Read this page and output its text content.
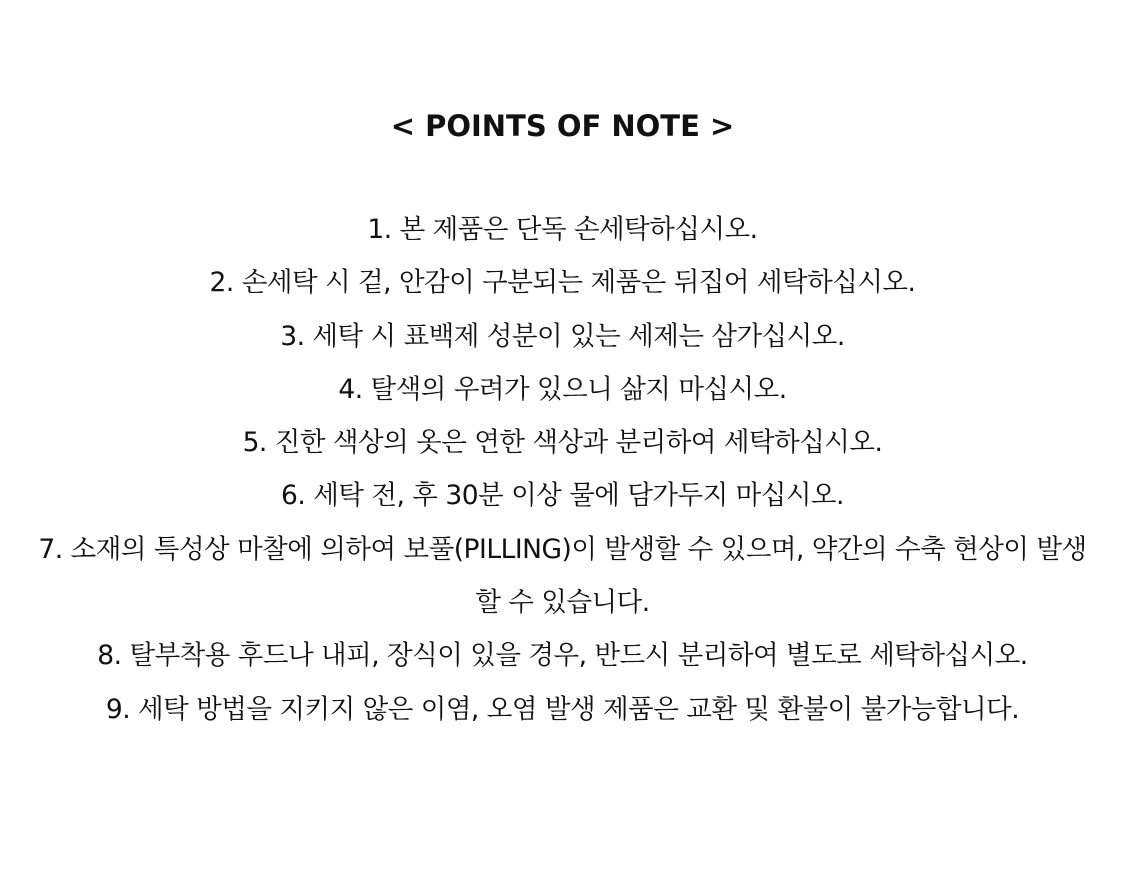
< POINTS OF NOTE >
1. 본 제품은 단독 손세탁하십시오.
2. 손세탁 시 겉, 안감이 구분되는 제품은 뒤집어 세탁하십시오.
3. 세탁 시 표백제 성분이 있는 세제는 삼가십시오.
4. 탈색의 우려가 있으니 삶지 마십시오.
5. 진한 색상의 옷은 연한 색상과 분리하여 세탁하십시오.
6. 세탁 전, 후 30분 이상 물에 담가두지 마십시오.
7. 소재의 특성상 마찰에 의하여 보풀(PILLING)이 발생할 수 있으며, 약간의 수축 현상이 발생할 수 있습니다.
8. 탈부착용 후드나 내피, 장식이 있을 경우, 반드시 분리하여 별도로 세탁하십시오.
9. 세탁 방법을 지키지 않은 이염, 오염 발생 제품은 교환 및 환불이 불가능합니다.
